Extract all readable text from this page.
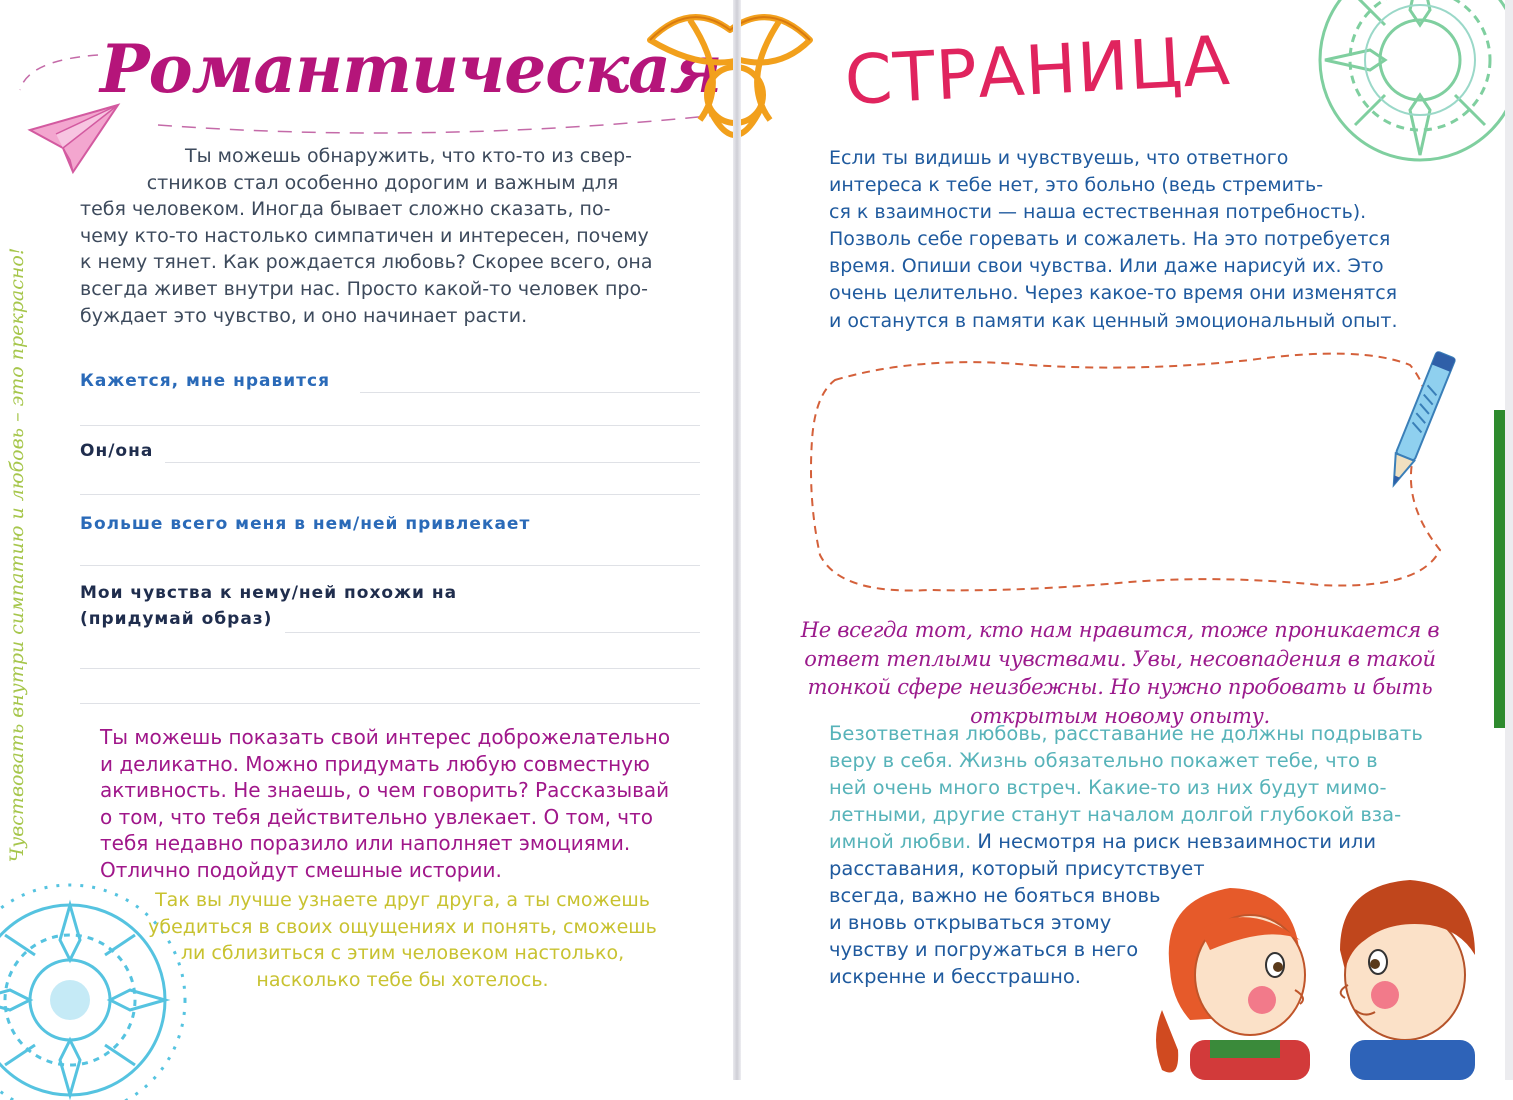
Романтическая

Ты можешь обнаружить, что кто-то из свер-
стников стал особенно дорогим и важным для
тебя человеком. Иногда бывает сложно сказать, по-
чему кто-то настолько симпатичен и интересен, почему
к нему тянет. Как рождается любовь? Скорее всего, она
всегда живет внутри нас. Просто какой-то человек про-
буждает это чувство, и оно начинает расти.

Кажется, мне нравится
Он/она
Больше всего меня в нем/ней привлекает
Мои чувства к нему/ней похожи на
(придумай образ)

Ты можешь показать свой интерес доброжелательно и деликатно. Можно придумать любую совместную активность. Не знаешь, о чем говорить? Рассказывай о том, что тебя действительно увлекает. О том, что тебя недавно поразило или наполняет эмоциями. Отлично подойдут смешные истории.

Так вы лучше узнаете друг друга, а ты сможешь убедиться в своих ощущениях и понять, сможешь ли сблизиться с этим человеком настолько, насколько тебе бы хотелось.

Чувствовать внутри симпатию и любовь – это прекрасно!
СТРАНИЦА

Если ты видишь и чувствуешь, что ответного
интереса к тебе нет, это больно (ведь стремить-
ся к взаимности — наша естественная потребность).
Позволь себе горевать и сожалеть. На это потребуется
время. Опиши свои чувства. Или даже нарисуй их. Это
очень целительно. Через какое-то время они изменятся
и останутся в памяти как ценный эмоциональный опыт.

Не всегда тот, кто нам нравится, тоже проникается в ответ теплыми чувствами. Увы, несовпадения в такой тонкой сфере неизбежны. Но нужно пробовать и быть открытым новому опыту.

Безответная любовь, расставание не должны подрывать
веру в себя. Жизнь обязательно покажет тебе, что в
ней очень много встреч. Какие-то из них будут мимо-
летными, другие станут началом долгой глубокой вза-
имной любви. И несмотря на риск невзаимности или
расставания, который присутствует
всегда, важно не бояться вновь
и вновь открываться этому
чувству и погружаться в него
искренне и бесстрашно.
